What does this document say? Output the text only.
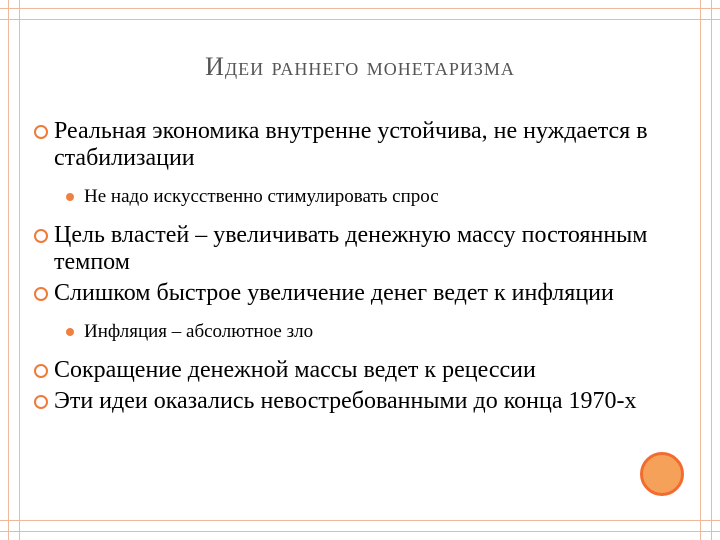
Идеи раннего монетаризма
Реальная экономика внутренне устойчива, не нуждается в стабилизации
Не надо искусственно стимулировать спрос
Цель властей – увеличивать денежную массу постоянным темпом
Слишком быстрое увеличение денег ведет к инфляции
Инфляция – абсолютное зло
Сокращение денежной массы ведет к рецессии
Эти идеи оказались невостребованными до конца 1970-х
